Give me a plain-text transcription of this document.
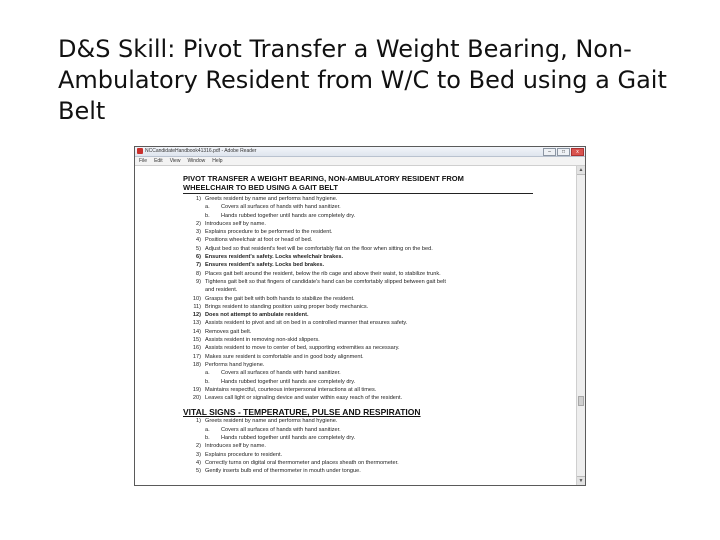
D&S Skill: Pivot Transfer a Weight Bearing, Non-Ambulatory Resident from W/C to Bed using a Gait Belt
NCCandidateHandbook41316.pdf - Adobe Reader	–	□	x
File Edit View Window Help
PIVOT TRANSFER A WEIGHT BEARING, NON-AMBULATORY RESIDENT FROM
WHEELCHAIR TO BED USING A GAIT BELT
1) Greets resident by name and performs hand hygiene.
a.	Covers all surfaces of hands with hand sanitizer.
b.	Hands rubbed together until hands are completely dry.
2) Introduces self by name.
3) Explains procedure to be performed to the resident.
4) Positions wheelchair at foot or head of bed.
5) Adjust bed so that resident's feet will be comfortably flat on the floor when sitting on the bed.
6) Ensures resident's safety. Locks wheelchair brakes.
7) Ensures resident's safety. Locks bed brakes.
8) Places gait belt around the resident, below the rib cage and above their waist, to stabilize trunk.
9) Tightens gait belt so that fingers of candidate's hand can be comfortably slipped between gait belt
and resident.
10) Grasps the gait belt with both hands to stabilize the resident.
11) Brings resident to standing position using proper body mechanics.
12) Does not attempt to ambulate resident.
13) Assists resident to pivot and sit on bed in a controlled manner that ensures safety.
14) Removes gait belt.
15) Assists resident in removing non-skid slippers.
16) Assists resident to move to center of bed, supporting extremities as necessary.
17) Makes sure resident is comfortable and in good body alignment.
18) Performs hand hygiene.
a.	Covers all surfaces of hands with hand sanitizer.
b.	Hands rubbed together until hands are completely dry.
19) Maintains respectful, courteous interpersonal interactions at all times.
20) Leaves call light or signaling device and water within easy reach of the resident.
VITAL SIGNS - TEMPERATURE, PULSE AND RESPIRATION
1) Greets resident by name and performs hand hygiene.
a.	Covers all surfaces of hands with hand sanitizer.
b.	Hands rubbed together until hands are completely dry.
2) Introduces self by name.
3) Explains procedure to resident.
4) Correctly turns on digital oral thermometer and places sheath on thermometer.
5) Gently inserts bulb end of thermometer in mouth under tongue.
▲
▼
